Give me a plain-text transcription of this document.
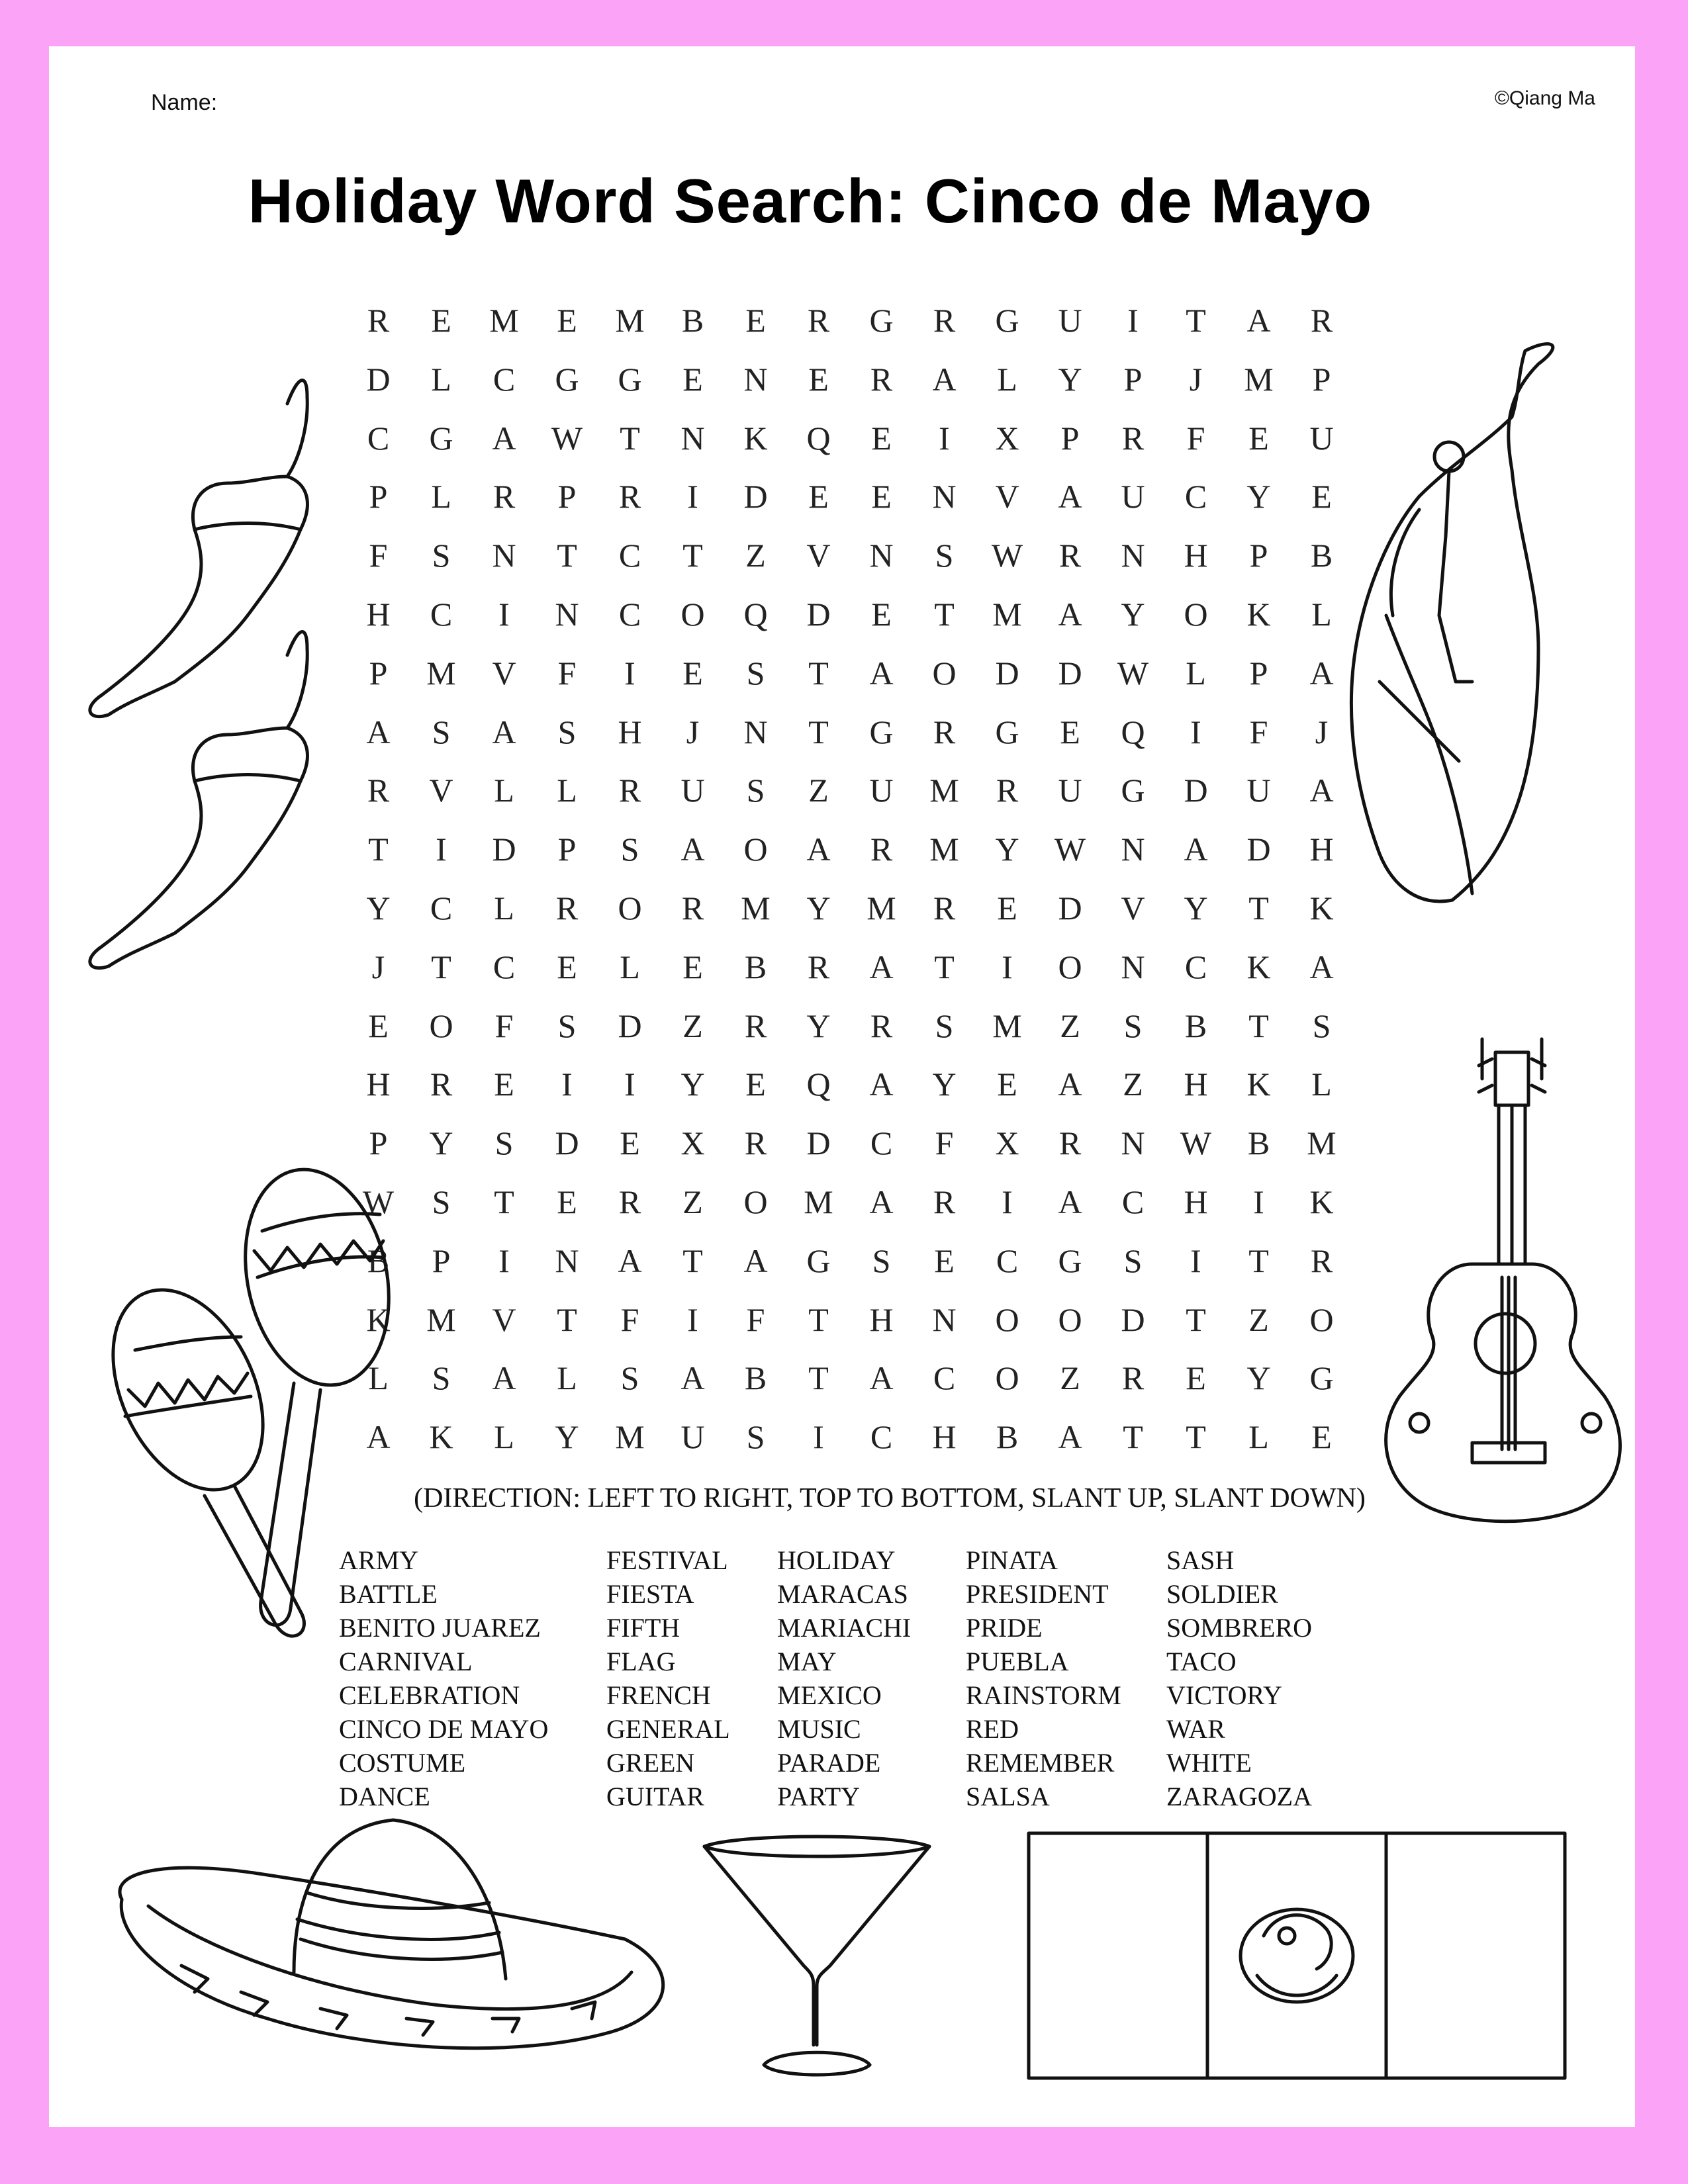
Name:	©Qiang Ma
Holiday Word Search: Cinco de Mayo
R	E	M	E	M	B	E	R	G	R	G	U	I	T	A	R
D	L	C	G	G	E	N	E	R	A	L	Y	P	J	M	P
C	G	A	W	T	N	K	Q	E	I	X	P	R	F	E	U
P	L	R	P	R	I	D	E	E	N	V	A	U	C	Y	E
F	S	N	T	C	T	Z	V	N	S	W	R	N	H	P	B
H	C	I	N	C	O	Q	D	E	T	M	A	Y	O	K	L
P	M	V	F	I	E	S	T	A	O	D	D	W	L	P	A
A	S	A	S	H	J	N	T	G	R	G	E	Q	I	F	J
R	V	L	L	R	U	S	Z	U	M	R	U	G	D	U	A
T	I	D	P	S	A	O	A	R	M	Y	W	N	A	D	H
Y	C	L	R	O	R	M	Y	M	R	E	D	V	Y	T	K
J	T	C	E	L	E	B	R	A	T	I	O	N	C	K	A
E	O	F	S	D	Z	R	Y	R	S	M	Z	S	B	T	S
H	R	E	I	I	Y	E	Q	A	Y	E	A	Z	H	K	L
P	Y	S	D	E	X	R	D	C	F	X	R	N	W	B	M
W	S	T	E	R	Z	O	M	A	R	I	A	C	H	I	K
B	P	I	N	A	T	A	G	S	E	C	G	S	I	T	R
K	M	V	T	F	I	F	T	H	N	O	O	D	T	Z	O
L	S	A	L	S	A	B	T	A	C	O	Z	R	E	Y	G
A	K	L	Y	M	U	S	I	C	H	B	A	T	T	L	E
(DIRECTION: LEFT TO RIGHT, TOP TO BOTTOM, SLANT UP, SLANT DOWN)
ARMY
BATTLE
BENITO JUAREZ
CARNIVAL
CELEBRATION
CINCO DE MAYO
COSTUME
DANCE
FESTIVAL
FIESTA
FIFTH
FLAG
FRENCH
GENERAL
GREEN
GUITAR
HOLIDAY
MARACAS
MARIACHI
MAY
MEXICO
MUSIC
PARADE
PARTY
PINATA
PRESIDENT
PRIDE
PUEBLA
RAINSTORM
RED
REMEMBER
SALSA
SASH
SOLDIER
SOMBRERO
TACO
VICTORY
WAR
WHITE
ZARAGOZA
